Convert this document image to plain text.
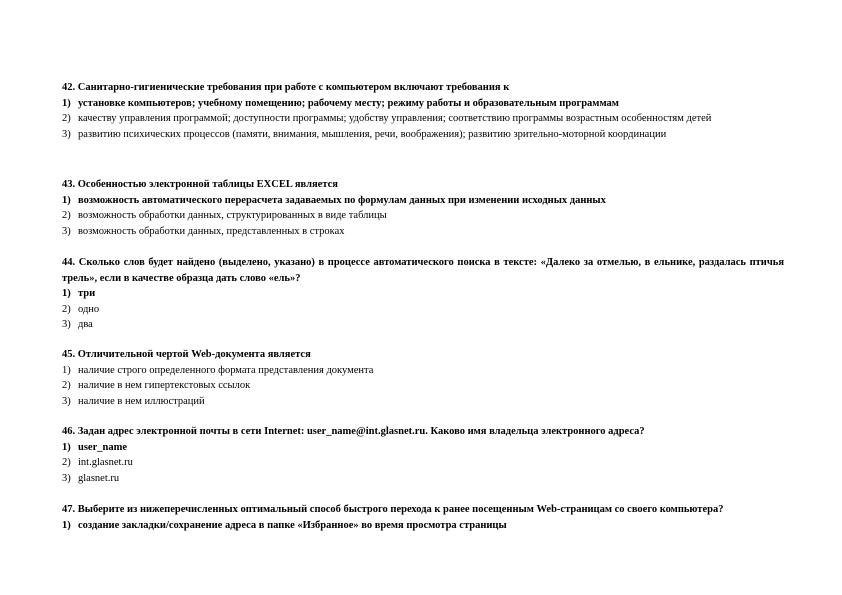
42. Санитарно-гигиенические требования при работе с компьютером включают требования к
1) установке компьютеров; учебному помещению; рабочему месту; режиму работы и образовательным программам
2) качеству управления программой; доступности программы; удобству управления; соответствию программы возрастным особенностям детей
3) развитию психических процессов (памяти, внимания, мышления, речи, воображения); развитию зрительно-моторной координации
43. Особенностью электронной таблицы EXCEL является
1) возможность автоматического перерасчета задаваемых по формулам данных при изменении исходных данных
2) возможность обработки данных, структурированных в виде таблицы
3) возможность обработки данных, представленных в строках
44. Сколько слов будет найдено (выделено, указано) в процессе автоматического поиска в тексте: «Далеко за отмелью, в ельнике, раздалась птичья трель», если в качестве образца дать слово «ель»?
1) три
2) одно
3) два
45. Отличительной чертой Web-документа является
1) наличие строго определенного формата представления документа
2) наличие в нем гипертекстовых ссылок
3) наличие в нем иллюстраций
46. Задан адрес электронной почты в сети Internet: user_name@int.glasnet.ru. Каково имя владельца электронного адреса?
1) user_name
2) int.glasnet.ru
3) glasnet.ru
47. Выберите из нижеперечисленных оптимальный способ быстрого перехода к ранее посещенным Web-страницам со своего компьютера?
1) создание закладки/сохранение адреса в папке «Избранное» во время просмотра страницы
